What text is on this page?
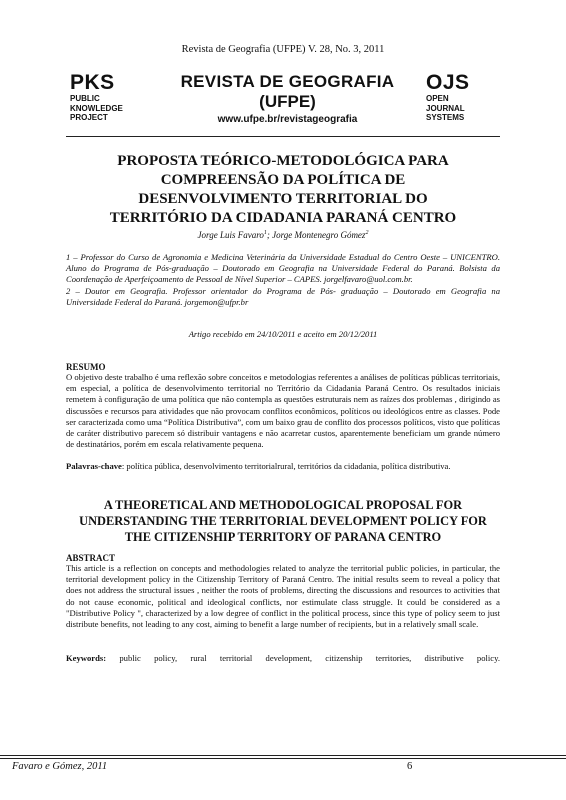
Revista de Geografia (UFPE) V. 28, No. 3, 2011
PKS
PUBLIC
KNOWLEDGE
PROJECT
REVISTA DE GEOGRAFIA
(UFPE)
www.ufpe.br/revistageografia
OJS
OPEN
JOURNAL
SYSTEMS
PROPOSTA TEÓRICO-METODOLÓGICA PARA COMPREENSÃO DA POLÍTICA DE DESENVOLVIMENTO TERRITORIAL DO TERRITÓRIO DA CIDADANIA PARANÁ CENTRO
Jorge Luis Favaro$^1$; Jorge Montenegro Gómez$^2$

1 – Professor do Curso de Agronomia e Medicina Veterinária da Universidade Estadual do Centro Oeste – UNICENTRO. Aluno do Programa de Pós-graduação – Doutorado em Geografia na Universidade Federal do Paraná. Bolsista da Coordenação de Aperfeiçoamento de Pessoal de Nível Superior – CAPES. jorgelfavaro@uol.com.br.

2 – Doutor em Geografia. Professor orientador do Programa de Pós- graduação – Doutorado em Geografia na Universidade Federal do Paraná. jorgemon@ufpr.br

Artigo recebido em 24/10/2011 e aceito em 20/12/2011
RESUMO
O objetivo deste trabalho é uma reflexão sobre conceitos e metodologias referentes a análises de políticas públicas territoriais, em especial, a política de desenvolvimento territorial no Território da Cidadania Paraná Centro. Os resultados iniciais remetem à configuração de uma política que não contempla as questões estruturais nem as raízes dos problemas , dirigindo as discussões e recursos para atividades que não provocam conflitos econômicos, políticos ou ideológicos entre as classes. Pode ser caracterizada como uma “Política Distributiva”, com um baixo grau de conflito dos processos políticos, visto que políticas de caráter distributivo parecem só distribuir vantagens e não acarretar custos, aparentemente beneficiam um grande número de destinatários, porém em escala relativamente pequena.
Palavras-chave: política pública, desenvolvimento territorialrural, territórios da cidadania, política distributiva.
A THEORETICAL AND METHODOLOGICAL PROPOSAL FOR UNDERSTANDING THE TERRITORIAL DEVELOPMENT POLICY FOR THE CITIZENSHIP TERRITORY OF PARANA CENTRO
ABSTRACT
This article is a reflection on concepts and methodologies related to analyze the territorial public policies, in particular, the territorial development policy in the Citizenship Territory of Paraná Centro. The initial results seem to reveal a policy that does not address the structural issues , neither the roots of problems, directing the discussions and resources to activities that do not cause economic, political and ideological conflicts, nor estimulate class struggle. It could be considered as a "Distributive Policy ", characterized by a low degree of conflict in the political process, since this type of policy seem to just distribute benefits, not leading to any cost, aiming to benefit a large number of recipients, but in a relatively small scale.
Keywords: public policy, rural territorial development, citizenship territories, distributive policy.
Favaro e Gómez, 2011	6
